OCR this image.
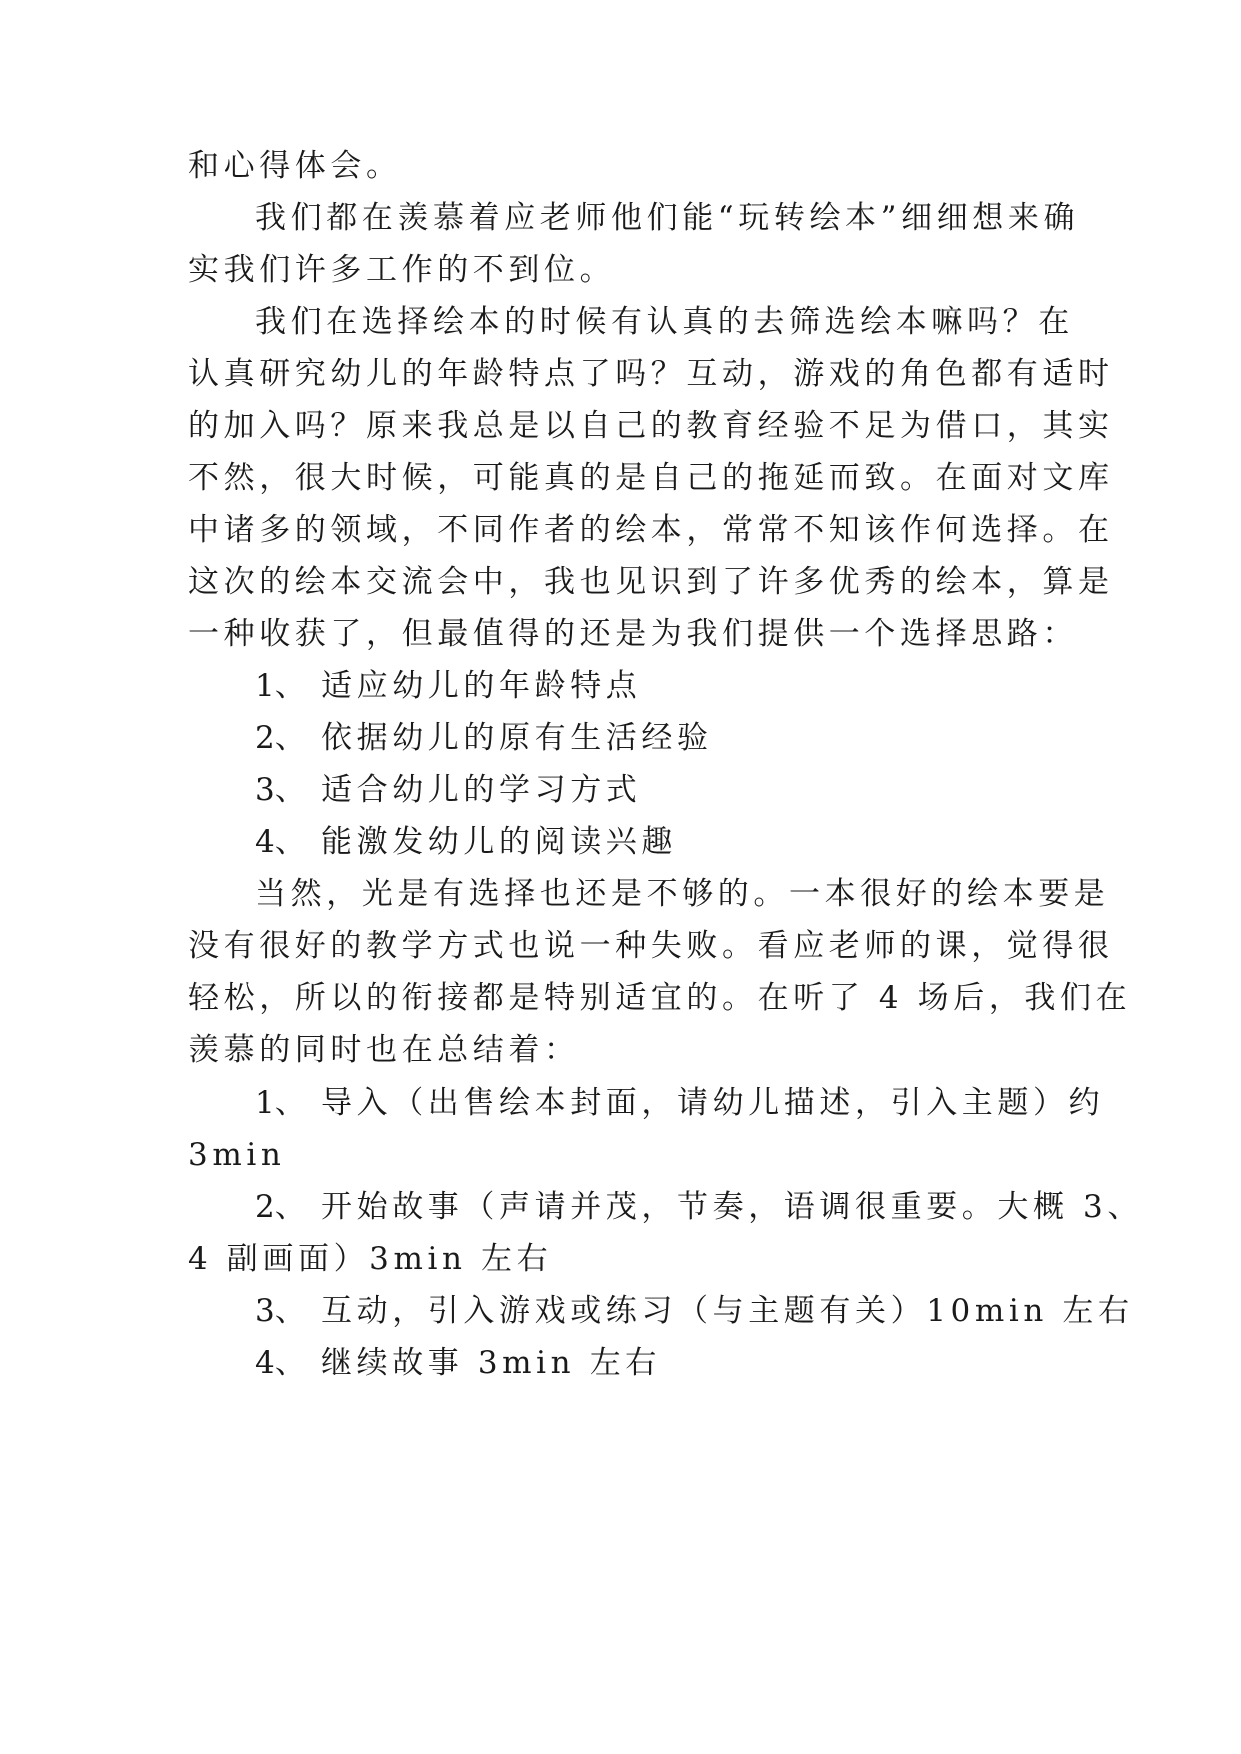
和心得体会。
我们都在羡慕着应老师他们能“玩转绘本”细细想来确
实我们许多工作的不到位。
我们在选择绘本的时候有认真的去筛选绘本嘛吗？在
认真研究幼儿的年龄特点了吗？互动，游戏的角色都有适时
的加入吗？原来我总是以自己的教育经验不足为借口，其实
不然，很大时候，可能真的是自己的拖延而致。在面对文库
中诸多的领域，不同作者的绘本，常常不知该作何选择。在
这次的绘本交流会中，我也见识到了许多优秀的绘本，算是
一种收获了，但最值得的还是为我们提供一个选择思路：
1、 适应幼儿的年龄特点
2、 依据幼儿的原有生活经验
3、 适合幼儿的学习方式
4、 能激发幼儿的阅读兴趣
当然，光是有选择也还是不够的。一本很好的绘本要是
没有很好的教学方式也说一种失败。看应老师的课，觉得很
轻松，所以的衔接都是特别适宜的。在听了 4 场后，我们在
羡慕的同时也在总结着：
1、 导入（出售绘本封面，请幼儿描述，引入主题）约
3min
2、 开始故事（声请并茂，节奏，语调很重要。大概 3、
4 副画面）3min 左右
3、 互动，引入游戏或练习（与主题有关）10min 左右
4、 继续故事 3min 左右
